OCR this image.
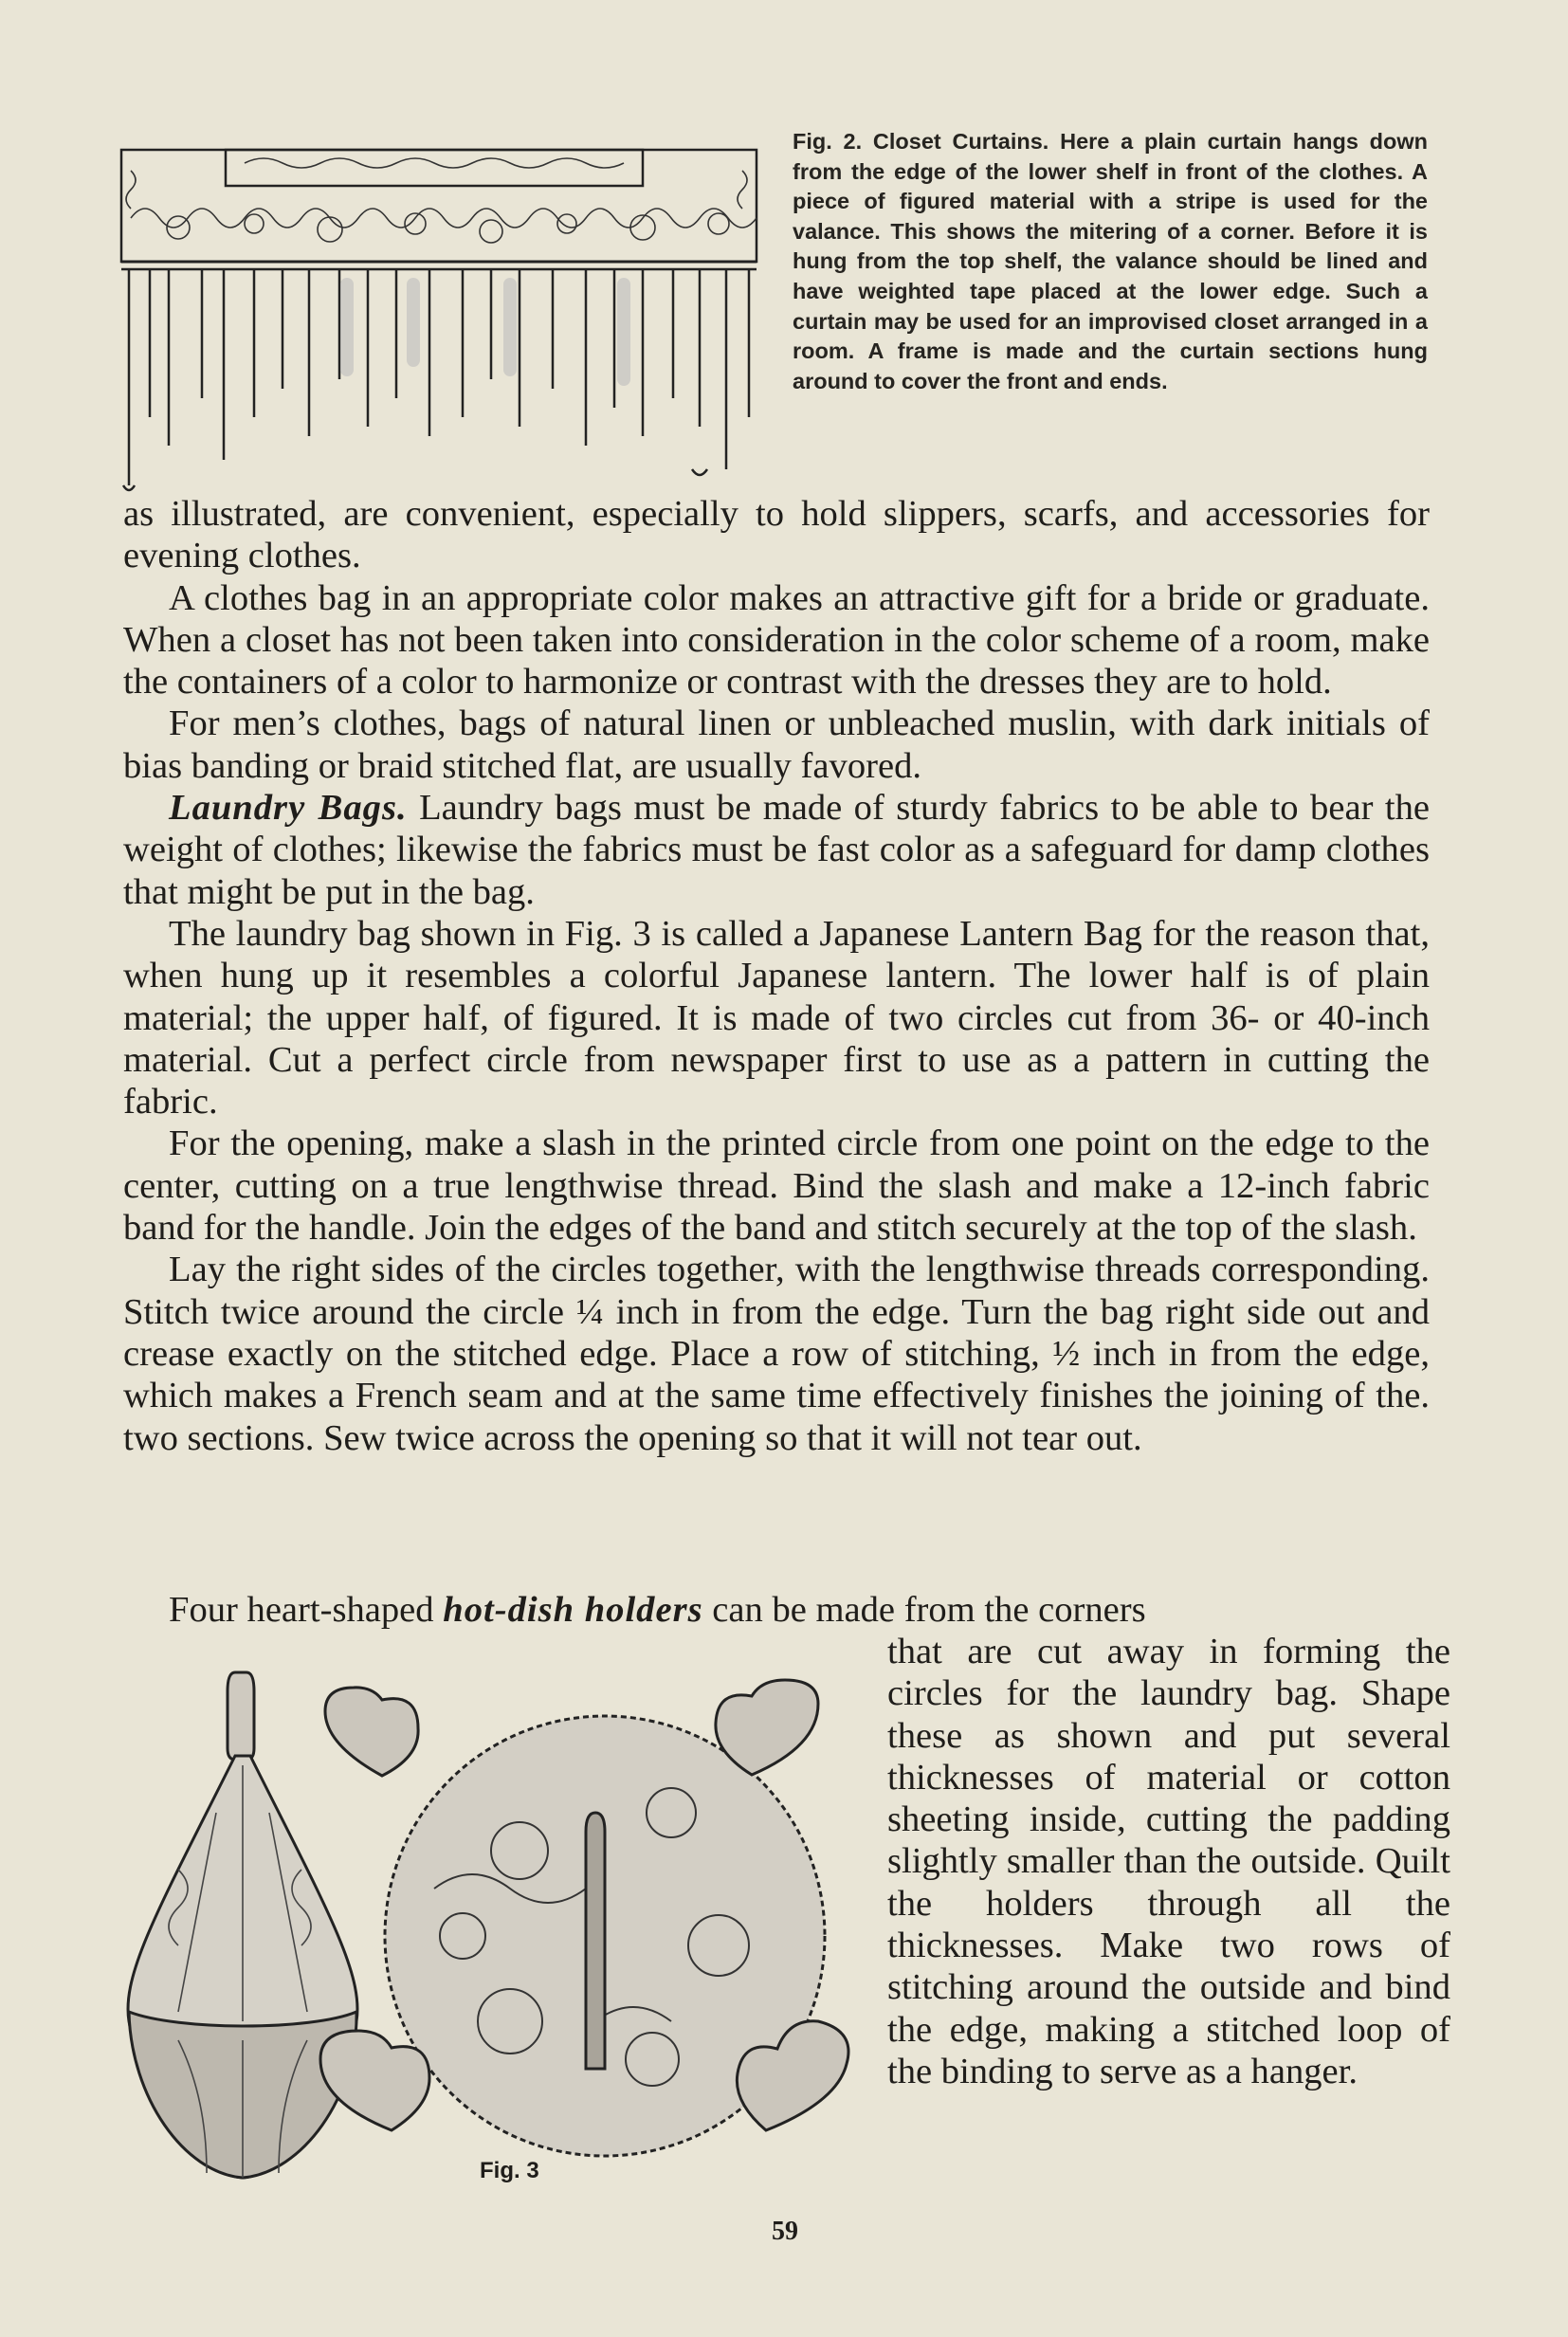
Fig. 2. Closet Curtains. Here a plain curtain hangs down from the edge of the lower shelf in front of the clothes. A piece of figured material with a stripe is used for the valance. This shows the mitering of a corner. Before it is hung from the top shelf, the valance should be lined and have weighted tape placed at the lower edge. Such a curtain may be used for an improvised closet arranged in a room. A frame is made and the curtain sections hung around to cover the front and ends.

as illustrated, are convenient, especially to hold slippers, scarfs, and accessories for evening clothes.

A clothes bag in an appropriate color makes an attractive gift for a bride or graduate. When a closet has not been taken into consideration in the color scheme of a room, make the containers of a color to harmonize or contrast with the dresses they are to hold.

For men’s clothes, bags of natural linen or unbleached muslin, with dark initials of bias banding or braid stitched flat, are usually favored.

Laundry Bags. Laundry bags must be made of sturdy fabrics to be able to bear the weight of clothes; likewise the fabrics must be fast color as a safeguard for damp clothes that might be put in the bag.

The laundry bag shown in Fig. 3 is called a Japanese Lantern Bag for the reason that, when hung up it resembles a colorful Japanese lantern. The lower half is of plain material; the upper half, of figured. It is made of two circles cut from 36- or 40-inch material. Cut a perfect circle from newspaper first to use as a pattern in cutting the fabric.

For the opening, make a slash in the printed circle from one point on the edge to the center, cutting on a true lengthwise thread. Bind the slash and make a 12-inch fabric band for the handle. Join the edges of the band and stitch securely at the top of the slash.

Lay the right sides of the circles together, with the lengthwise threads corresponding. Stitch twice around the circle ¼ inch in from the edge. Turn the bag right side out and crease exactly on the stitched edge. Place a row of stitching, ½ inch in from the edge, which makes a French seam and at the same time effectively finishes the joining of the. two sections. Sew twice across the opening so that it will not tear out.

Four heart-shaped hot-dish holders can be made from the corners
that are cut away in forming the circles for the laundry bag. Shape these as shown and put several thicknesses of material or cotton sheeting inside, cutting the padding slightly smaller than the outside. Quilt the holders through all the thicknesses. Make two rows of stitching around the outside and bind the edge, making a stitched loop of the binding to serve as a hanger.
Fig. 3
59
